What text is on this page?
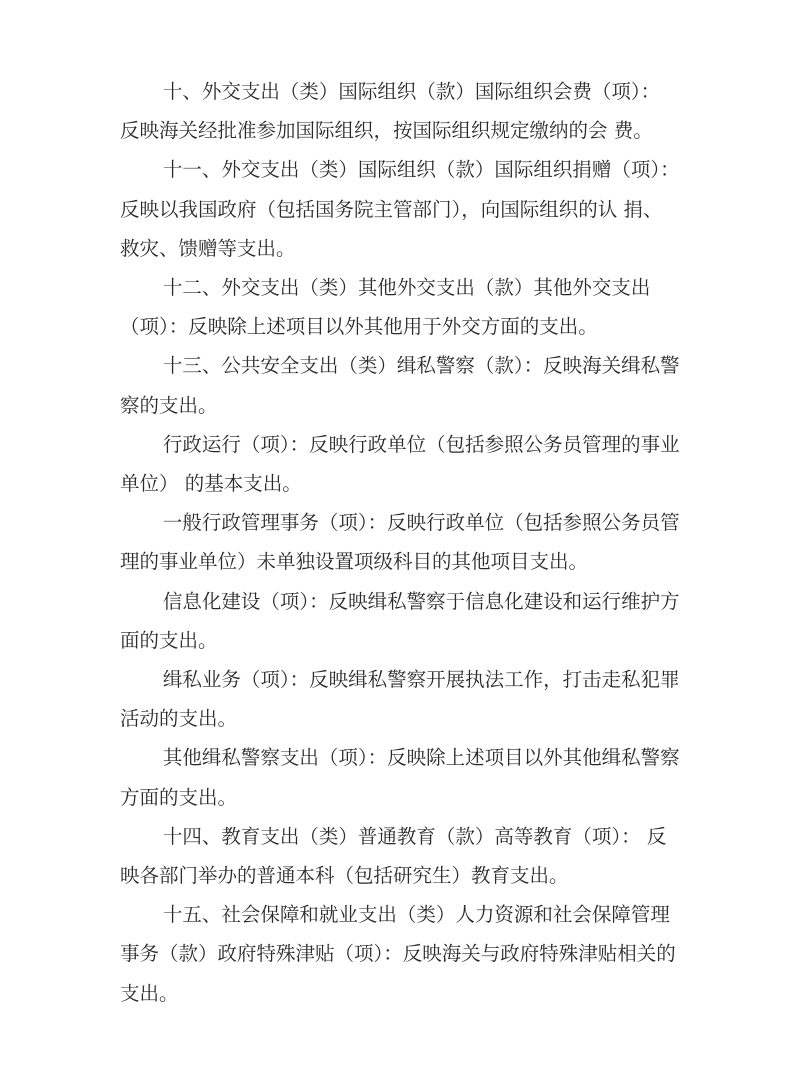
十、外交支出（类）国际组织（款）国际组织会费（项）： 反映海关经批准参加国际组织，按国际组织规定缴纳的会 费。

十一、外交支出（类）国际组织（款）国际组织捐赠（项）： 反映以我国政府（包括国务院主管部门），向国际组织的认 捐、救灾、馈赠等支出。

十二、外交支出（类）其他外交支出（款）其他外交支出（项）：反映除上述项目以外其他用于外交方面的支出。

十三、公共安全支出（类）缉私警察（款）：反映海关缉私警察的支出。

行政运行（项）：反映行政单位（包括参照公务员管理的事业单位） 的基本支出。

一般行政管理事务（项）：反映行政单位（包括参照公务员管理的事业单位）未单独设置项级科目的其他项目支出。

信息化建设（项）：反映缉私警察于信息化建设和运行维护方面的支出。

缉私业务（项）：反映缉私警察开展执法工作，打击走私犯罪活动的支出。

其他缉私警察支出（项）：反映除上述项目以外其他缉私警察方面的支出。

十四、教育支出（类）普通教育（款）高等教育（项）： 反映各部门举办的普通本科（包括研究生）教育支出。

十五、社会保障和就业支出（类）人力资源和社会保障管理事务（款）政府特殊津贴（项）：反映海关与政府特殊津贴相关的支出。
